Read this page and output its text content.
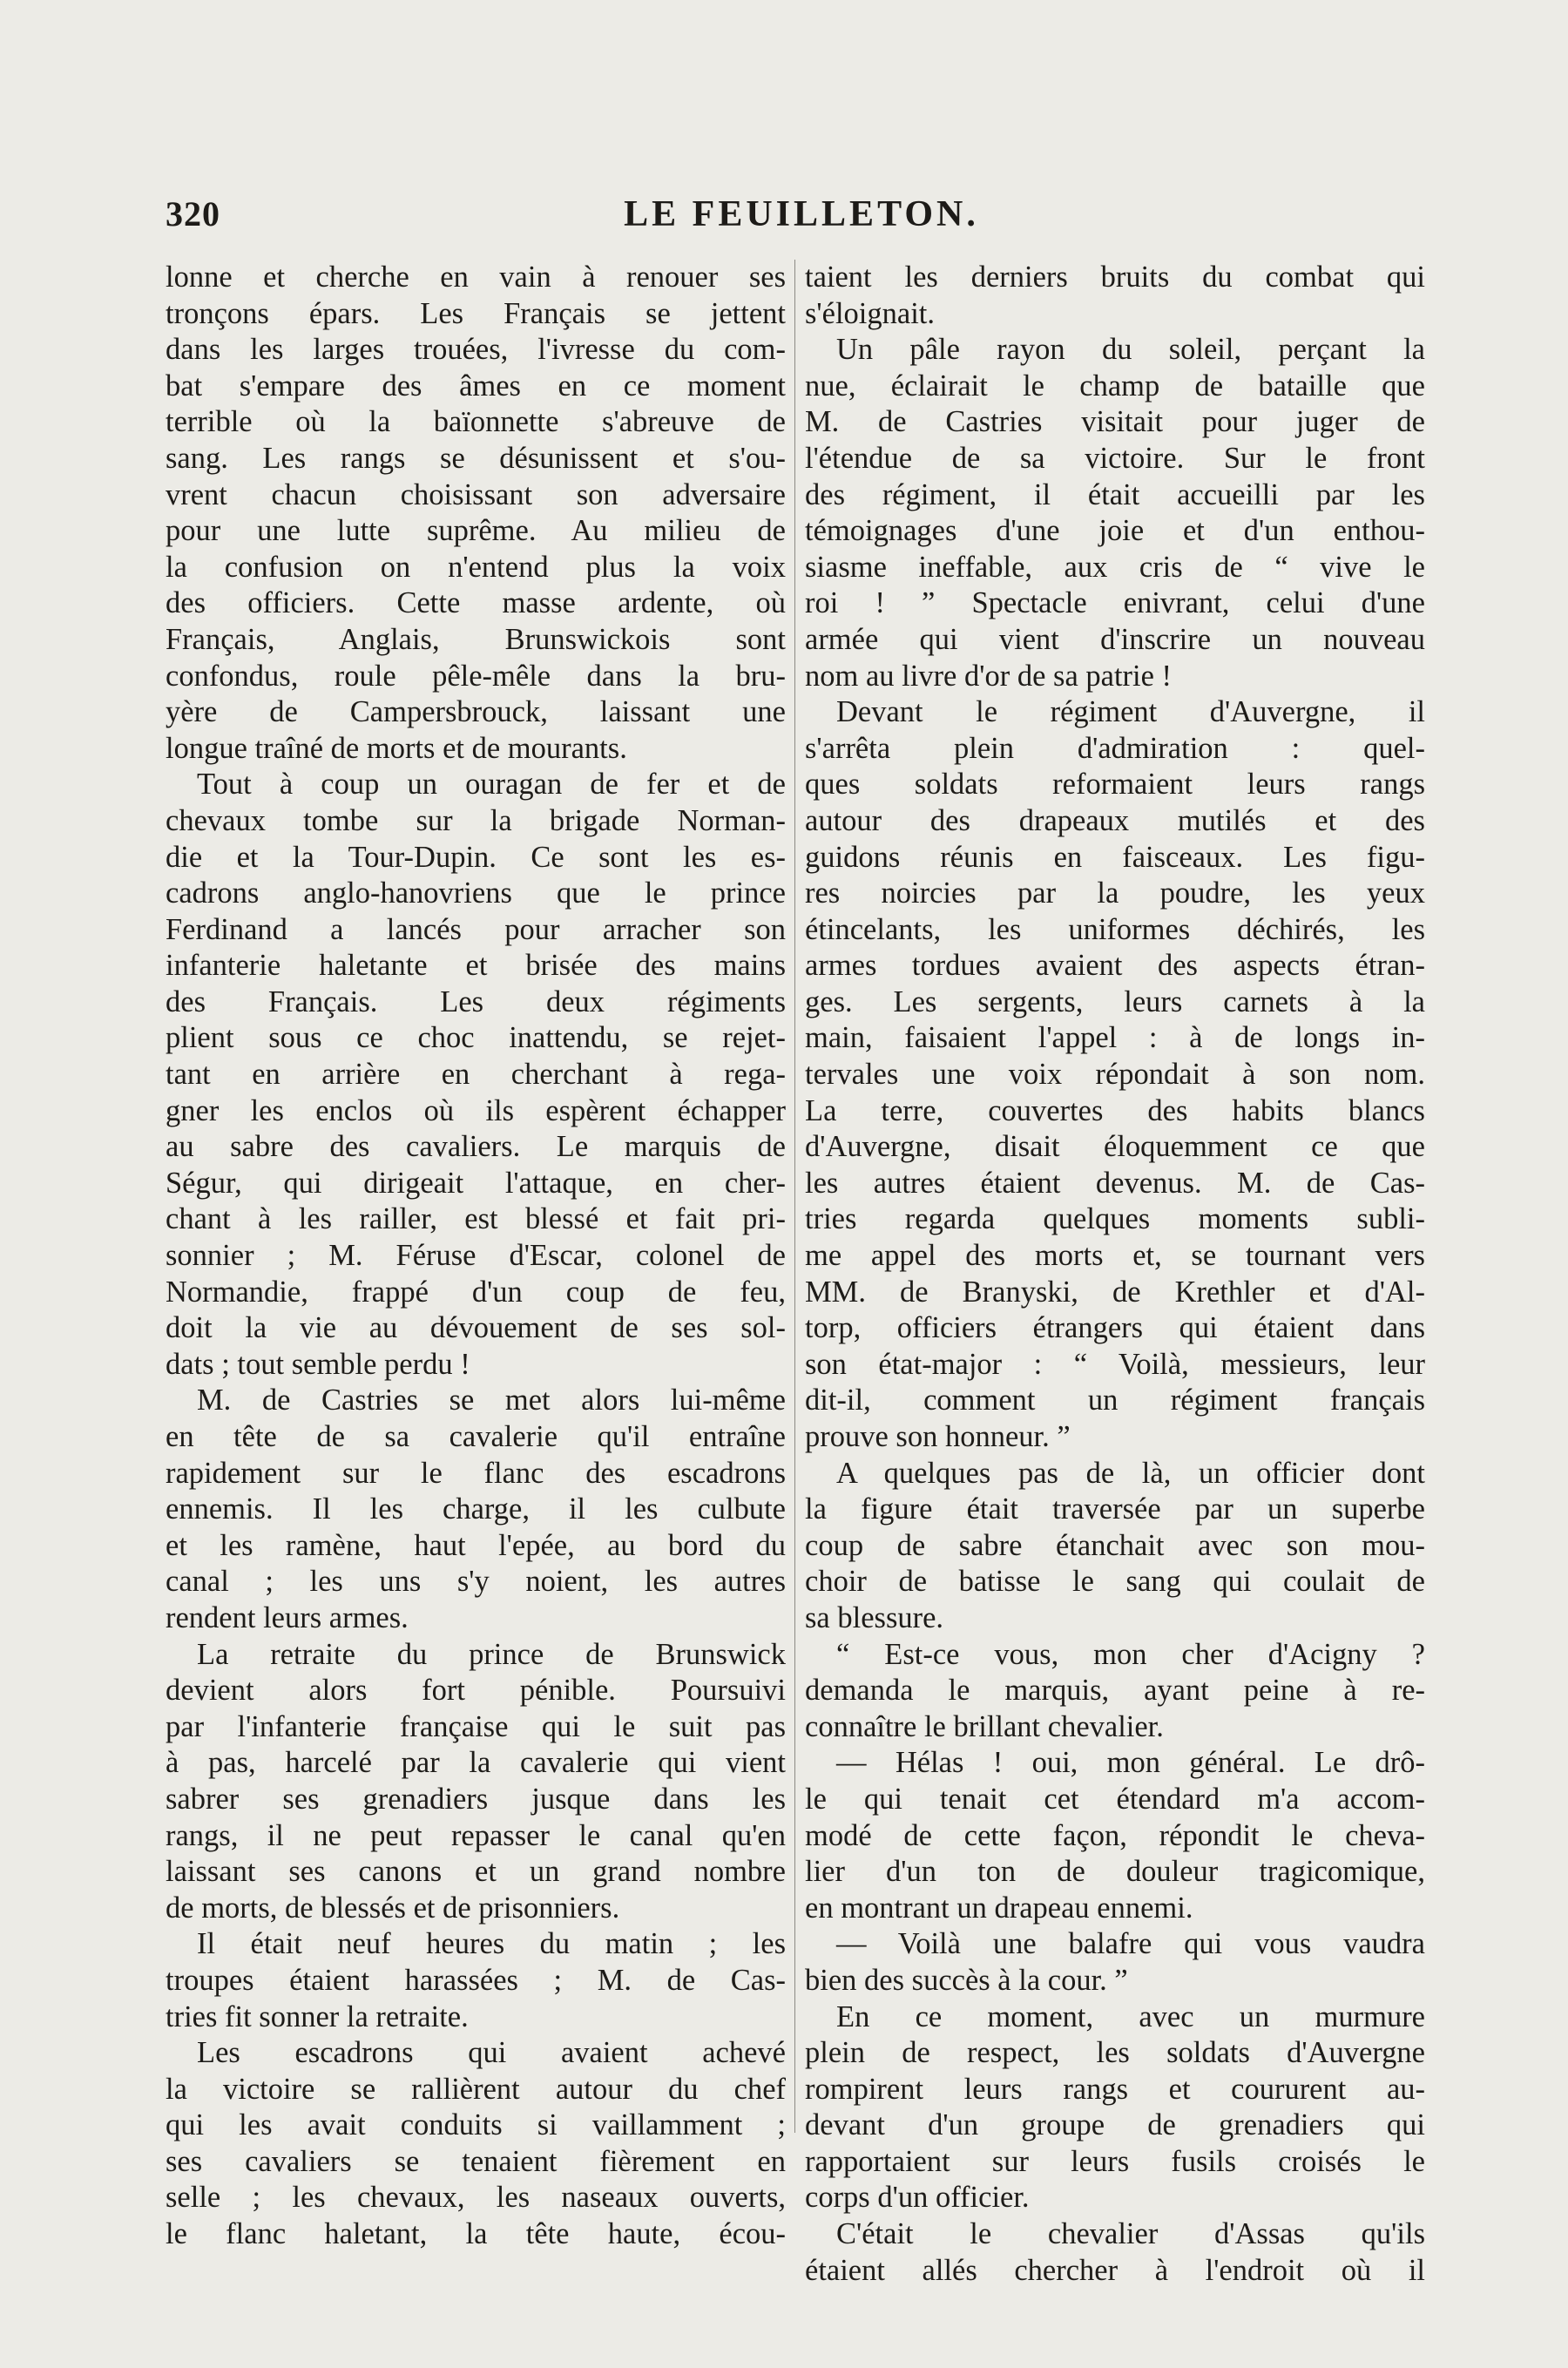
320	LE FEUILLETON.
lonne et cherche en vain à renouer ses
tronçons épars. Les Français se jettent
dans les larges trouées, l'ivresse du com-
bat s'empare des âmes en ce moment
terrible où la baïonnette s'abreuve de
sang. Les rangs se désunissent et s'ou-
vrent chacun choisissant son adversaire
pour une lutte suprême. Au milieu de
la confusion on n'entend plus la voix
des officiers. Cette masse ardente, où
Français, Anglais, Brunswickois sont
confondus, roule pêle-mêle dans la bru-
yère de Campersbrouck, laissant une
longue traîné de morts et de mourants.
Tout à coup un ouragan de fer et de
chevaux tombe sur la brigade Norman-
die et la Tour-Dupin. Ce sont les es-
cadrons anglo-hanovriens que le prince
Ferdinand a lancés pour arracher son
infanterie haletante et brisée des mains
des Français. Les deux régiments
plient sous ce choc inattendu, se rejet-
tant en arrière en cherchant à rega-
gner les enclos où ils espèrent échapper
au sabre des cavaliers. Le marquis de
Ségur, qui dirigeait l'attaque, en cher-
chant à les railler, est blessé et fait pri-
sonnier ; M. Féruse d'Escar, colonel de
Normandie, frappé d'un coup de feu,
doit la vie au dévouement de ses sol-
dats ; tout semble perdu !
M. de Castries se met alors lui-même
en tête de sa cavalerie qu'il entraîne
rapidement sur le flanc des escadrons
ennemis. Il les charge, il les culbute
et les ramène, haut l'epée, au bord du
canal ; les uns s'y noient, les autres
rendent leurs armes.
La retraite du prince de Brunswick
devient alors fort pénible. Poursuivi
par l'infanterie française qui le suit pas
à pas, harcelé par la cavalerie qui vient
sabrer ses grenadiers jusque dans les
rangs, il ne peut repasser le canal qu'en
laissant ses canons et un grand nombre
de morts, de blessés et de prisonniers.
Il était neuf heures du matin ; les
troupes étaient harassées ; M. de Cas-
tries fit sonner la retraite.
Les escadrons qui avaient achevé
la victoire se rallièrent autour du chef
qui les avait conduits si vaillamment ;
ses cavaliers se tenaient fièrement en
selle ; les chevaux, les naseaux ouverts,
le flanc haletant, la tête haute, écou-
taient les derniers bruits du combat qui
s'éloignait.
Un pâle rayon du soleil, perçant la
nue, éclairait le champ de bataille que
M. de Castries visitait pour juger de
l'étendue de sa victoire. Sur le front
des régiment, il était accueilli par les
témoignages d'une joie et d'un enthou-
siasme ineffable, aux cris de “ vive le
roi ! ” Spectacle enivrant, celui d'une
armée qui vient d'inscrire un nouveau
nom au livre d'or de sa patrie !
Devant le régiment d'Auvergne, il
s'arrêta plein d'admiration : quel-
ques soldats reformaient leurs rangs
autour des drapeaux mutilés et des
guidons réunis en faisceaux. Les figu-
res noircies par la poudre, les yeux
étincelants, les uniformes déchirés, les
armes tordues avaient des aspects étran-
ges. Les sergents, leurs carnets à la
main, faisaient l'appel : à de longs in-
tervales une voix répondait à son nom.
La terre, couvertes des habits blancs
d'Auvergne, disait éloquemment ce que
les autres étaient devenus. M. de Cas-
tries regarda quelques moments subli-
me appel des morts et, se tournant vers
MM. de Branyski, de Krethler et d'Al-
torp, officiers étrangers qui étaient dans
son état-major : “ Voilà, messieurs, leur
dit-il, comment un régiment français
prouve son honneur. ”
A quelques pas de là, un officier dont
la figure était traversée par un superbe
coup de sabre étanchait avec son mou-
choir de batisse le sang qui coulait de
sa blessure.
“ Est-ce vous, mon cher d'Acigny ?
demanda le marquis, ayant peine à re-
connaître le brillant chevalier.
— Hélas ! oui, mon général. Le drô-
le qui tenait cet étendard m'a accom-
modé de cette façon, répondit le cheva-
lier d'un ton de douleur tragicomique,
en montrant un drapeau ennemi.
— Voilà une balafre qui vous vaudra
bien des succès à la cour. ”
En ce moment, avec un murmure
plein de respect, les soldats d'Auvergne
rompirent leurs rangs et coururent au-
devant d'un groupe de grenadiers qui
rapportaient sur leurs fusils croisés le
corps d'un officier.
C'était le chevalier d'Assas qu'ils
étaient allés chercher à l'endroit où il
